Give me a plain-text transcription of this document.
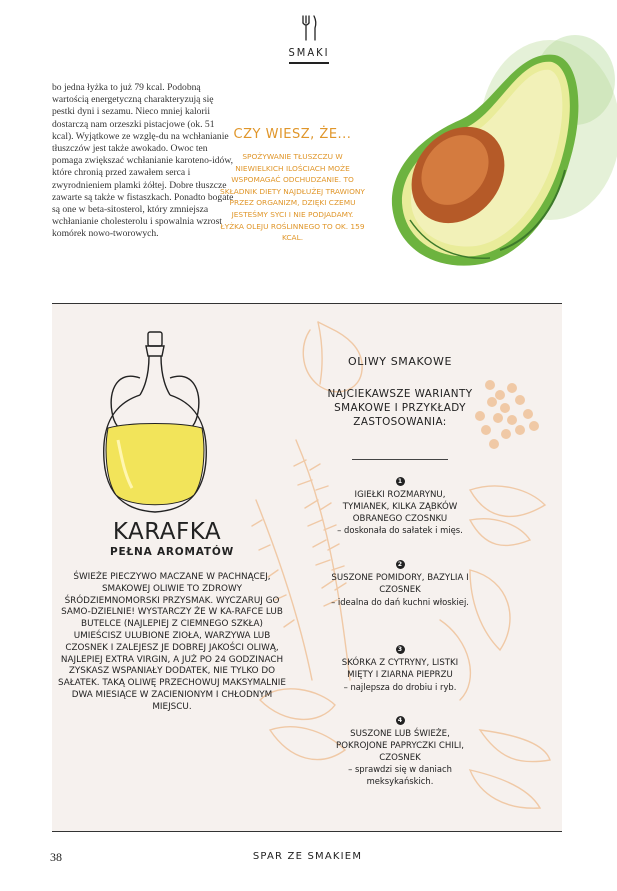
SMAKI
bo jedna łyżka to już 79 kcal. Podobną wartością energetyczną charakteryzują się pestki dyni i sezamu. Nieco mniej kalorii dostarczą nam orzeszki pistacjowe (ok. 51 kcal). Wyjątkowe ze wzglę-du na wchłanianie tłuszczów jest także awokado. Owoc ten pomaga zwiększać wchłanianie karoteno-idów, które chronią przed zawałem serca i zwyrodnieniem plamki żółtej. Dobre tłuszcze zawarte są także w fistaszkach. Ponadto bogate są one w beta-sitosterol, który zmniejsza wchłanianie cholesterolu i spowalnia wzrost komórek nowo-tworowych.
CZY WIESZ, ŻE...
SPOŻYWANIE TŁUSZCZU W NIEWIELKICH ILOŚCIACH MOŻE WSPOMAGAĆ ODCHUDZANIE. TO SKŁADNIK DIETY NAJDŁUŻEJ TRAWIONY PRZEZ ORGANIZM, DZIĘKI CZEMU JESTEŚMY SYCI I NIE PODJADAMY. ŁYŻKA OLEJU ROŚLINNEGO TO OK. 159 KCAL.
KARAFKA
PEŁNA AROMATÓW
ŚWIEŻE PIECZYWO MACZANE W PACHNĄCEJ, SMAKOWEJ OLIWIE TO ZDROWY ŚRÓDZIEMNOMORSKI PRZYSMAK. WYCZARUJ GO SAMO-DZIELNIE! WYSTARCZY ŻE W KA-RAFCE LUB BUTELCE (NAJLEPIEJ Z CIEMNEGO SZKŁA) UMIEŚCISZ ULUBIONE ZIOŁA, WARZYWA LUB CZOSNEK I ZALEJESZ JE DOBREJ JAKOŚCI OLIWĄ, NAJLEPIEJ EXTRA VIRGIN, A JUŻ PO 24 GODZINACH ZYSKASZ WSPANIAŁY DODATEK, NIE TYLKO DO SAŁATEK. TAKĄ OLIWĘ PRZECHOWUJ MAKSYMALNIE DWA MIESIĄCE W ZACIENIONYM I CHŁODNYM MIEJSCU.
OLIWY SMAKOWE
NAJCIEKAWSZE WARIANTY SMAKOWE I PRZYKŁADY ZASTOSOWANIA:
1
IGIEŁKI ROZMARYNU, TYMIANEK, KILKA ZĄBKÓW OBRANEGO CZOSNKU
– doskonała do sałatek i mięs.
2
SUSZONE POMIDORY, BAZYLIA I CZOSNEK
– idealna do dań kuchni włoskiej.
3
SKÓRKA Z CYTRYNY, LISTKI MIĘTY I ZIARNA PIEPRZU
– najlepsza do drobiu i ryb.
4
SUSZONE LUB ŚWIEŻE, POKROJONE PAPRYCZKI CHILI, CZOSNEK
– sprawdzi się w daniach meksykańskich.
38	SPAR ZE SMAKIEM
